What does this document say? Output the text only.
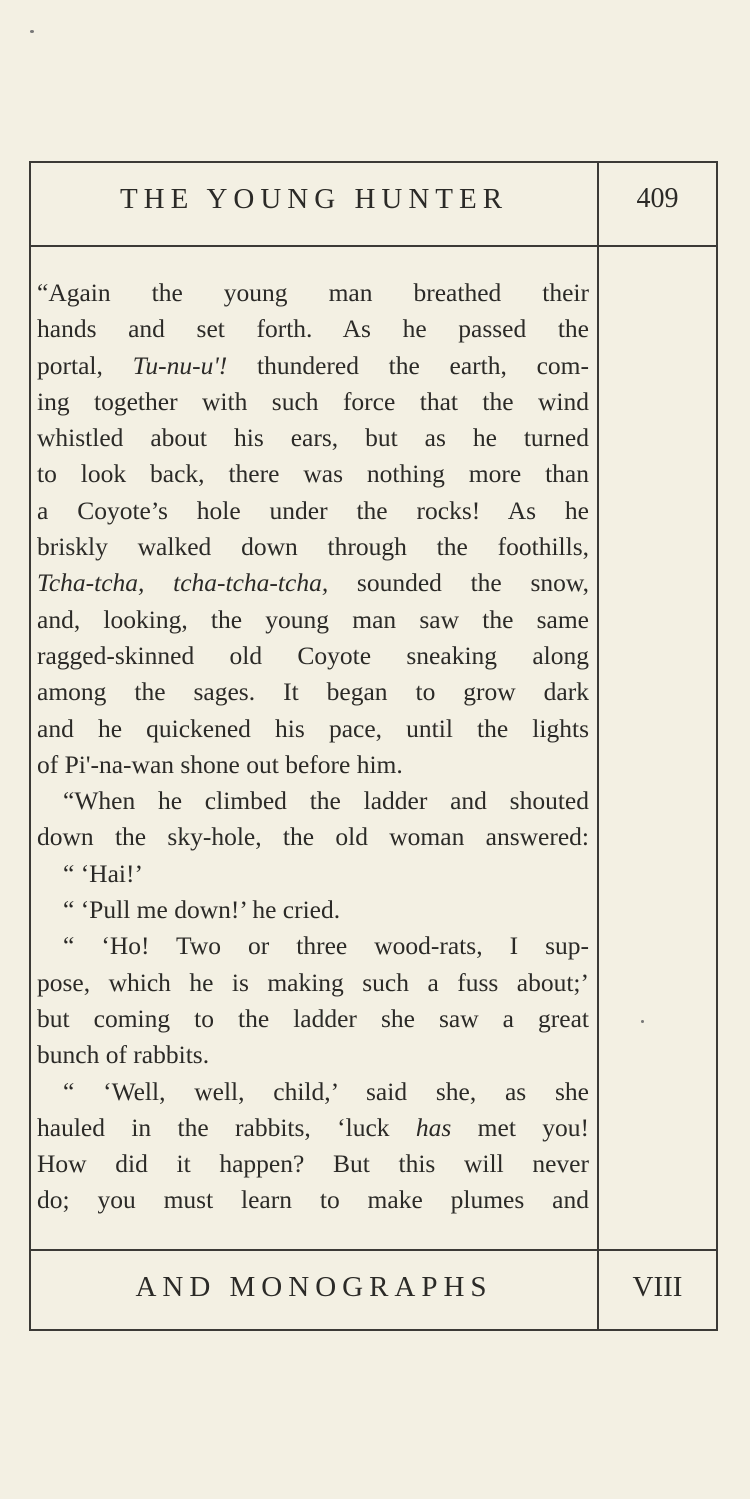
THE YOUNG HUNTER	409
“Again the young man breathed their
hands and set forth. As he passed the
portal, Tu-nu-u'! thundered the earth, com-
ing together with such force that the wind
whistled about his ears, but as he turned
to look back, there was nothing more than
a Coyote’s hole under the rocks! As he
briskly walked down through the foothills,
Tcha-tcha, tcha-tcha-tcha, sounded the snow,
and, looking, the young man saw the same
ragged-skinned old Coyote sneaking along
among the sages. It began to grow dark
and he quickened his pace, until the lights
of Pi'-na-wan shone out before him.
“When he climbed the ladder and shouted
down the sky-hole, the old woman answered:
“ ‘Hai!’
“ ‘Pull me down!’ he cried.
“ ‘Ho! Two or three wood-rats, I sup-
pose, which he is making such a fuss about;’
but coming to the ladder she saw a great
bunch of rabbits.
“ ‘Well, well, child,’ said she, as she
hauled in the rabbits, ‘luck has met you!
How did it happen? But this will never
do; you must learn to make plumes and
AND MONOGRAPHS	VIII
